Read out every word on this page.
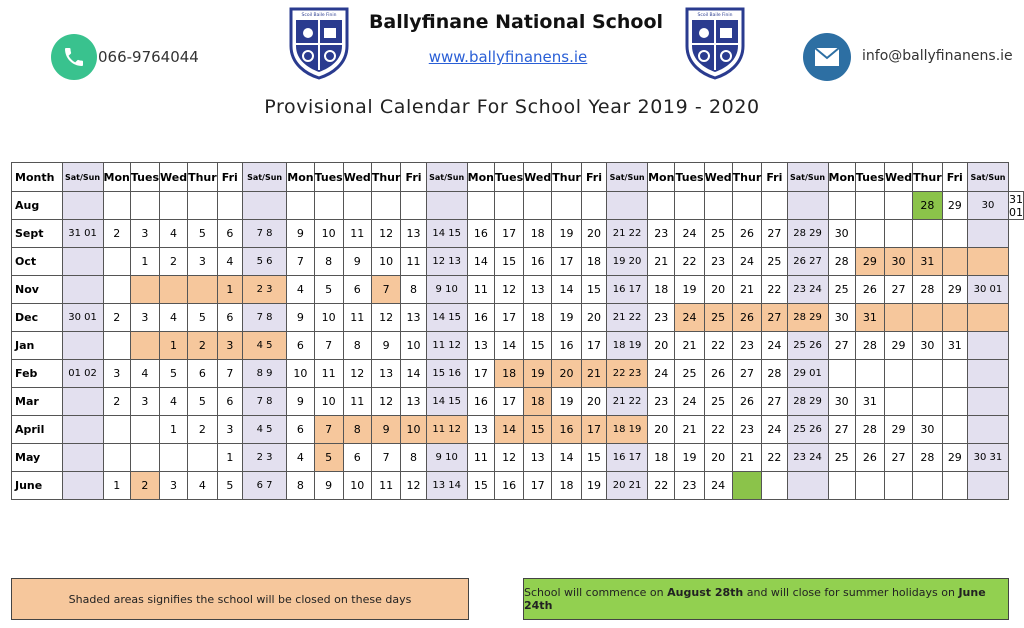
066-9764044
Scoil Baile Finin	Ballyfinane National School
www.ballyfinanens.ie
Scoil Baile Finin
info@ballyfinanens.ie
Provisional Calendar For School Year 2019 - 2020
Month	Sat/Sun	Mon	Tues	Wed	Thur	Fri	Sat/Sun	Mon	Tues	Wed	Thur	Fri	Sat/Sun	Mon	Tues	Wed	Thur	Fri	Sat/Sun	Mon	Tues	Wed	Thur	Fri	Sat/Sun	Mon	Tues	Wed	Thur	Fri	Sat/Sun	
Aug																													28	29	30	31 01
Sept	31 01	2	3	4	5	6	7 8	9	10	11	12	13	14 15	16	17	18	19	20	21 22	23	24	25	26	27	28 29	30						
Oct			1	2	3	4	5 6	7	8	9	10	11	12 13	14	15	16	17	18	19 20	21	22	23	24	25	26 27	28	29	30	31			
Nov						1	2 3	4	5	6	7	8	9 10	11	12	13	14	15	16 17	18	19	20	21	22	23 24	25	26	27	28	29	30 01	
Dec	30 01	2	3	4	5	6	7 8	9	10	11	12	13	14 15	16	17	18	19	20	21 22	23	24	25	26	27	28 29	30	31					
Jan				1	2	3	4 5	6	7	8	9	10	11 12	13	14	15	16	17	18 19	20	21	22	23	24	25 26	27	28	29	30	31		
Feb	01 02	3	4	5	6	7	8 9	10	11	12	13	14	15 16	17	18	19	20	21	22 23	24	25	26	27	28	29 01							
Mar		2	3	4	5	6	7 8	9	10	11	12	13	14 15	16	17	18	19	20	21 22	23	24	25	26	27	28 29	30	31					
April				1	2	3	4 5	6	7	8	9	10	11 12	13	14	15	16	17	18 19	20	21	22	23	24	25 26	27	28	29	30			
May						1	2 3	4	5	6	7	8	9 10	11	12	13	14	15	16 17	18	19	20	21	22	23 24	25	26	27	28	29	30 31	
June		1	2	3	4	5	6 7	8	9	10	11	12	13 14	15	16	17	18	19	20 21	22	23	24										
Shaded areas signifies the school will be closed on these days	School will commence on August 28th and will close for summer holidays on June 24th
